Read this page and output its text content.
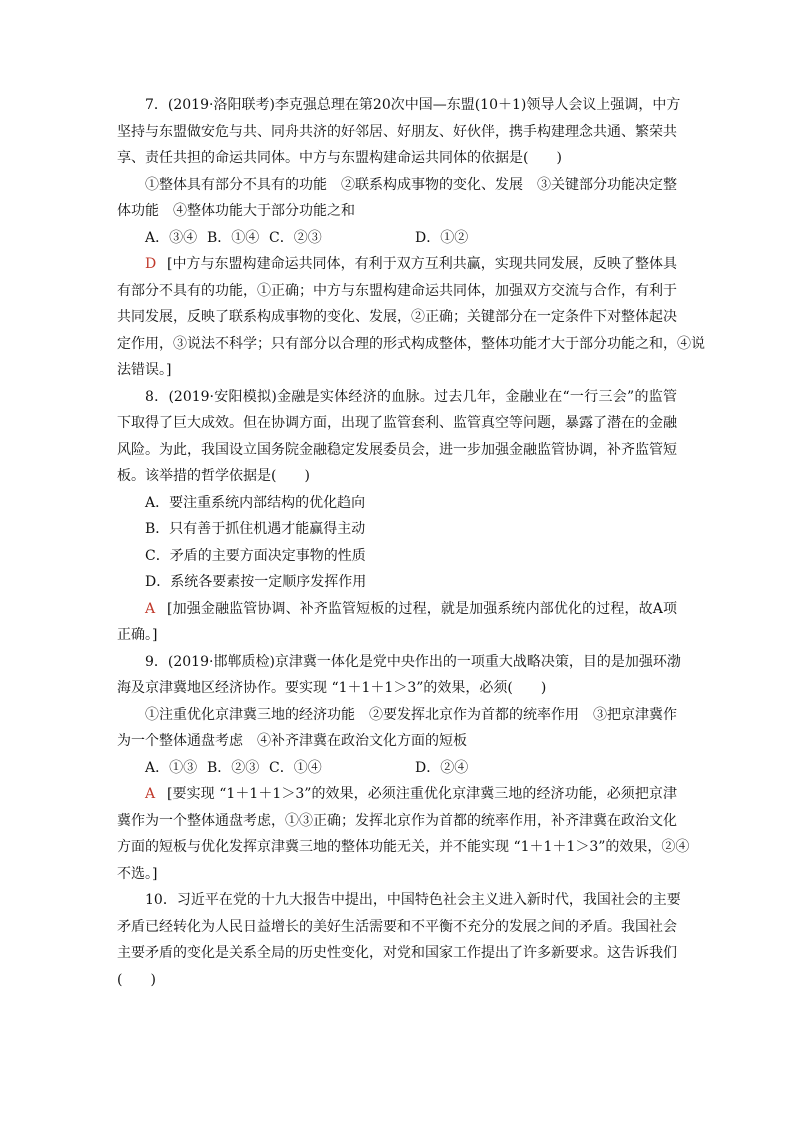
7．(2019·洛阳联考)李克强总理在第20次中国—东盟(10＋1)领导人会议上强调，中方
坚持与东盟做安危与共、同舟共济的好邻居、好朋友、好伙伴，携手构建理念共通、繁荣共
享、责任共担的命运共同体。中方与东盟构建命运共同体的依据是(　　)
①整体具有部分不具有的功能　②联系构成事物的变化、发展　③关键部分功能决定整
体功能　④整体功能大于部分功能之和
A．③④ B．①④ C．②③	D．①②
D [中方与东盟构建命运共同体，有利于双方互利共赢，实现共同发展，反映了整体具
有部分不具有的功能，①正确；中方与东盟构建命运共同体，加强双方交流与合作，有利于
共同发展，反映了联系构成事物的变化、发展，②正确；关键部分在一定条件下对整体起决
定作用，③说法不科学；只有部分以合理的形式构成整体，整体功能才大于部分功能之和，④说
法错误。]
8．(2019·安阳模拟)金融是实体经济的血脉。过去几年，金融业在“一行三会”的监管
下取得了巨大成效。但在协调方面，出现了监管套利、监管真空等问题，暴露了潜在的金融
风险。为此，我国设立国务院金融稳定发展委员会，进一步加强金融监管协调，补齐监管短
板。该举措的哲学依据是(　　)
A．要注重系统内部结构的优化趋向
B．只有善于抓住机遇才能赢得主动
C．矛盾的主要方面决定事物的性质
D．系统各要素按一定顺序发挥作用
A [加强金融监管协调、补齐监管短板的过程，就是加强系统内部优化的过程，故A项
正确。]
9．(2019·邯郸质检)京津冀一体化是党中央作出的一项重大战略决策，目的是加强环渤
海及京津冀地区经济协作。要实现 “1＋1＋1＞3”的效果，必须(　　)
①注重优化京津冀三地的经济功能　②要发挥北京作为首都的统率作用　③把京津冀作
为一个整体通盘考虑　④补齐津冀在政治文化方面的短板
A．①③ B．②③ C．①④	D．②④
A [要实现 “1＋1＋1＞3”的效果，必须注重优化京津冀三地的经济功能，必须把京津
冀作为一个整体通盘考虑，①③正确；发挥北京作为首都的统率作用，补齐津冀在政治文化
方面的短板与优化发挥京津冀三地的整体功能无关，并不能实现 “1＋1＋1＞3”的效果，②④
不选。]
10．习近平在党的十九大报告中提出，中国特色社会主义进入新时代，我国社会的主要
矛盾已经转化为人民日益增长的美好生活需要和不平衡不充分的发展之间的矛盾。我国社会
主要矛盾的变化是关系全局的历史性变化，对党和国家工作提出了许多新要求。这告诉我们
(　　)
